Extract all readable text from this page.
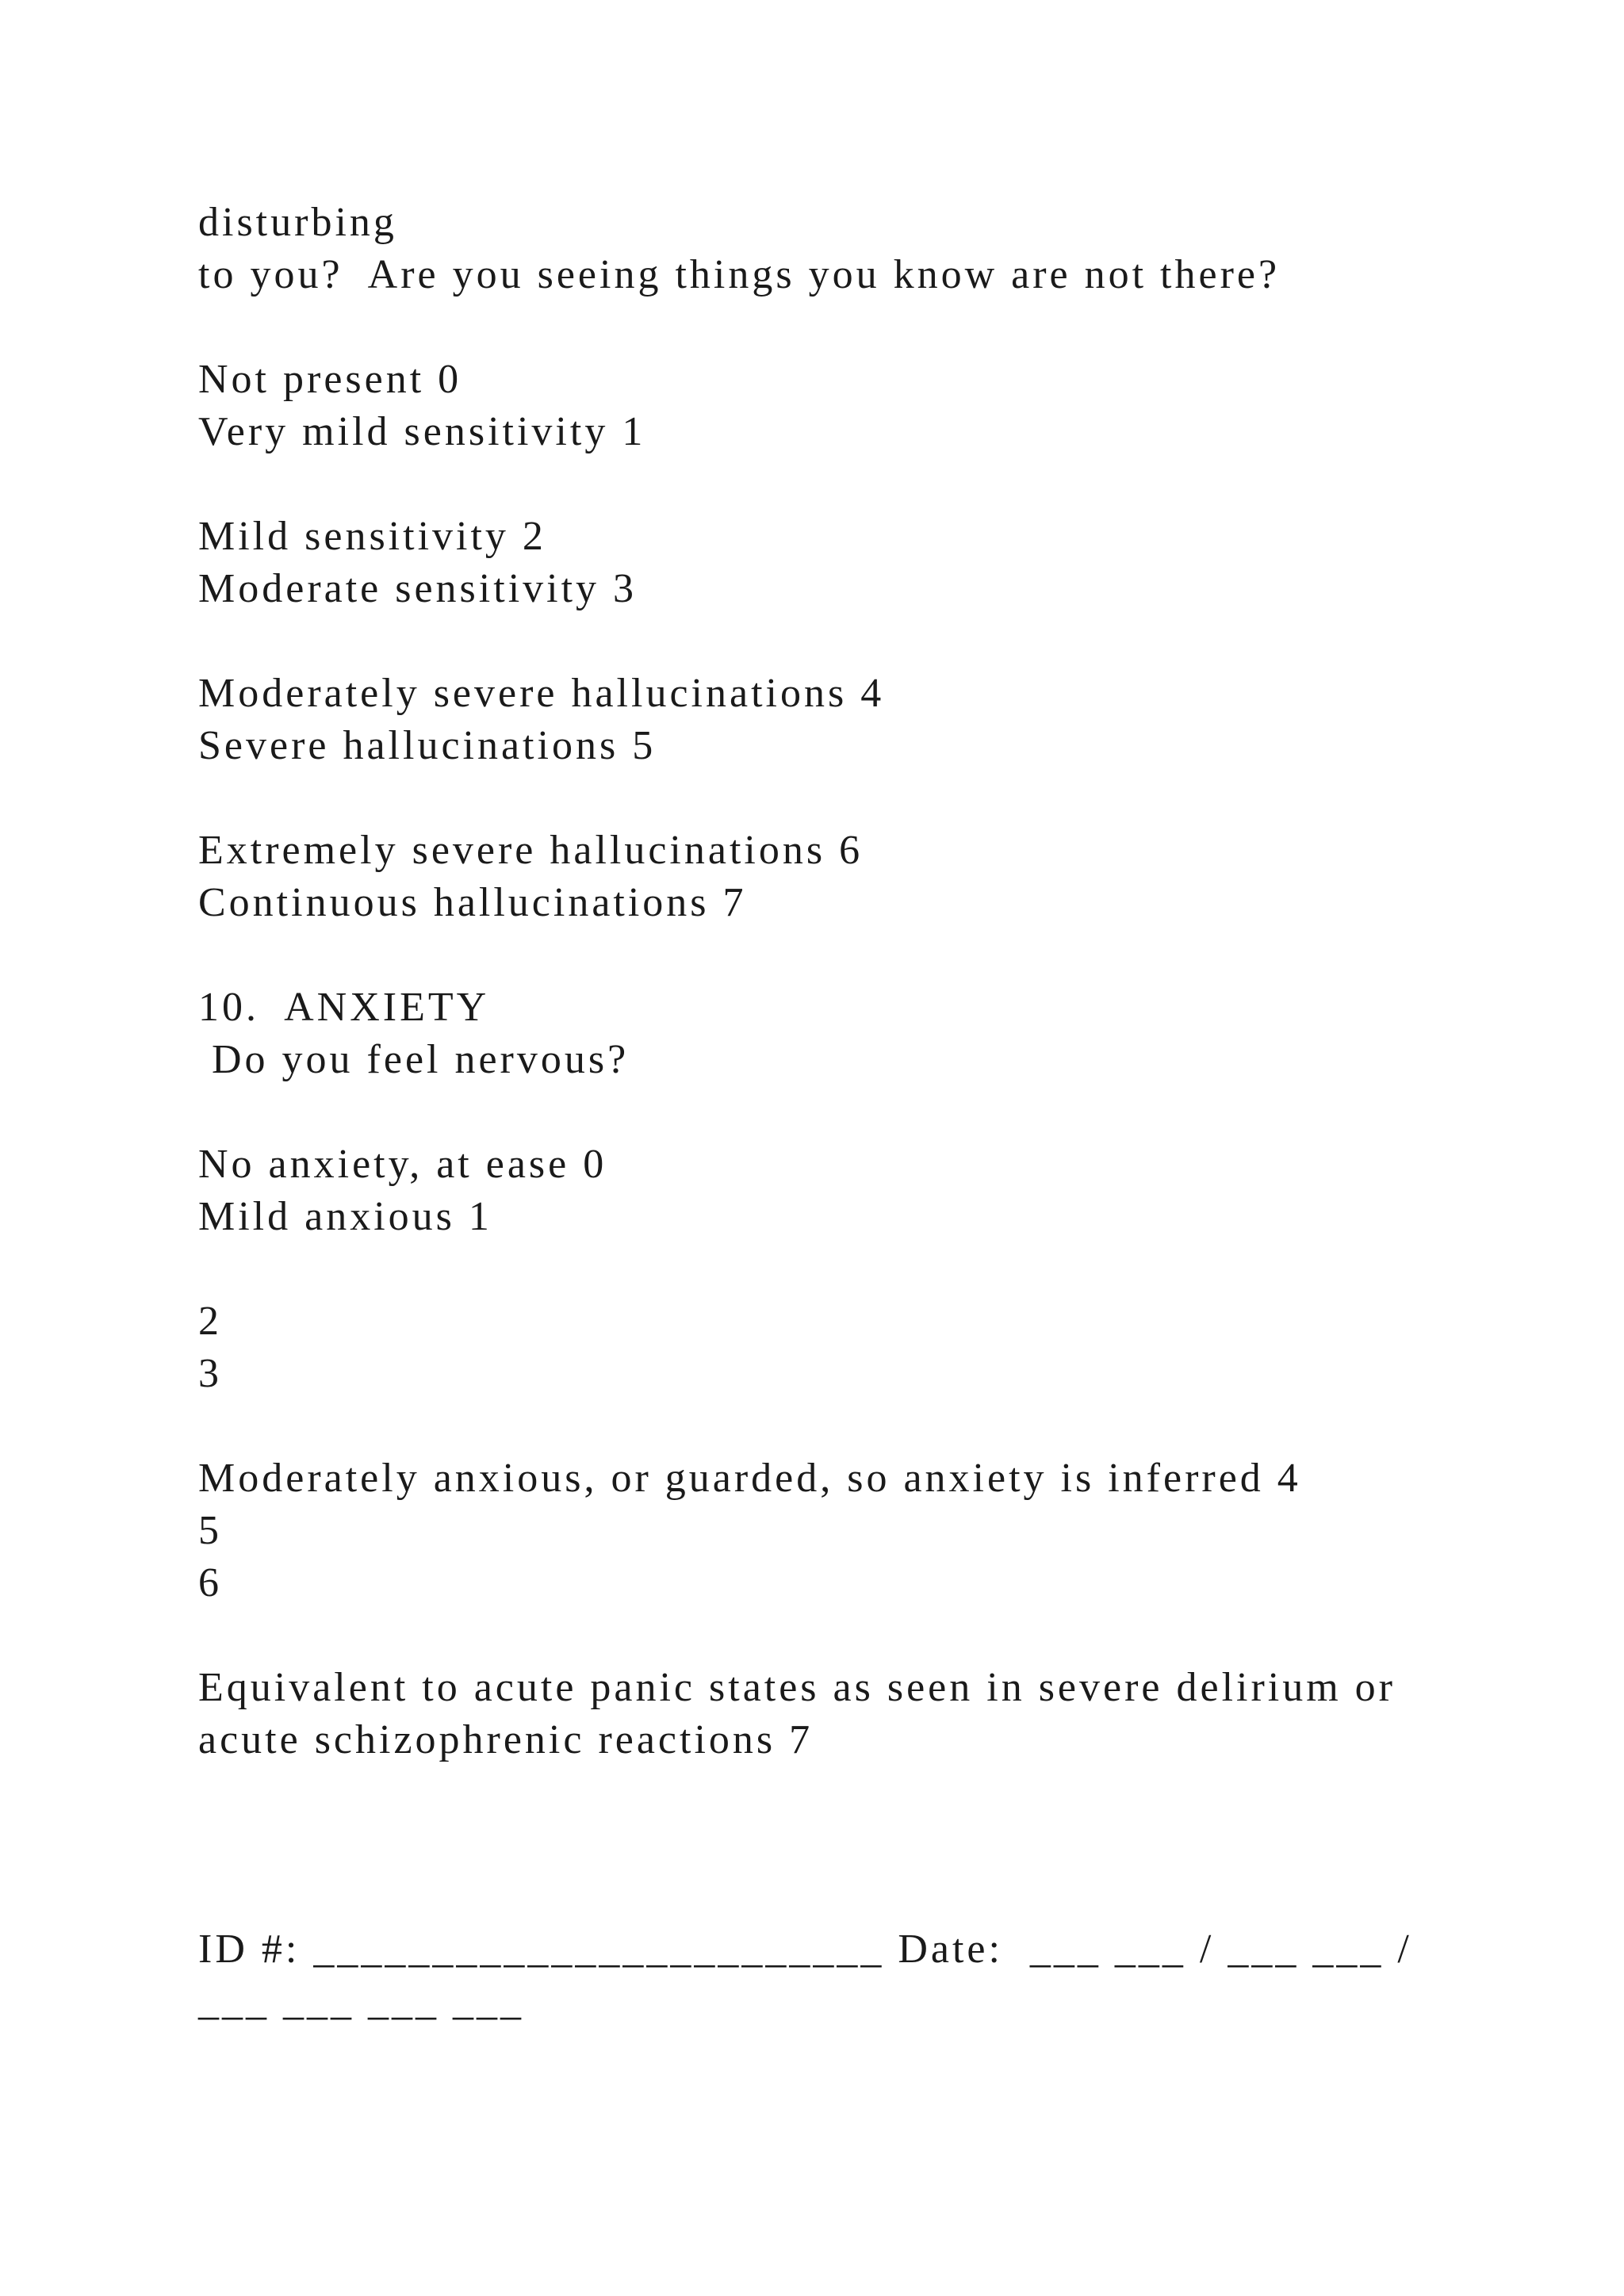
disturbing
to you?  Are you seeing things you know are not there?
Not present 0
Very mild sensitivity 1
Mild sensitivity 2
Moderate sensitivity 3
Moderately severe hallucinations 4
Severe hallucinations 5
Extremely severe hallucinations 6
Continuous hallucinations 7
10.  ANXIETY
Do you feel nervous?
No anxiety, at ease 0
Mild anxious 1
2
3
Moderately anxious, or guarded, so anxiety is inferred 4
5
6
Equivalent to acute panic states as seen in severe delirium or
acute schizophrenic reactions 7
ID #: ________________________ Date:  ___ ___ / ___ ___ /
___ ___ ___ ___
